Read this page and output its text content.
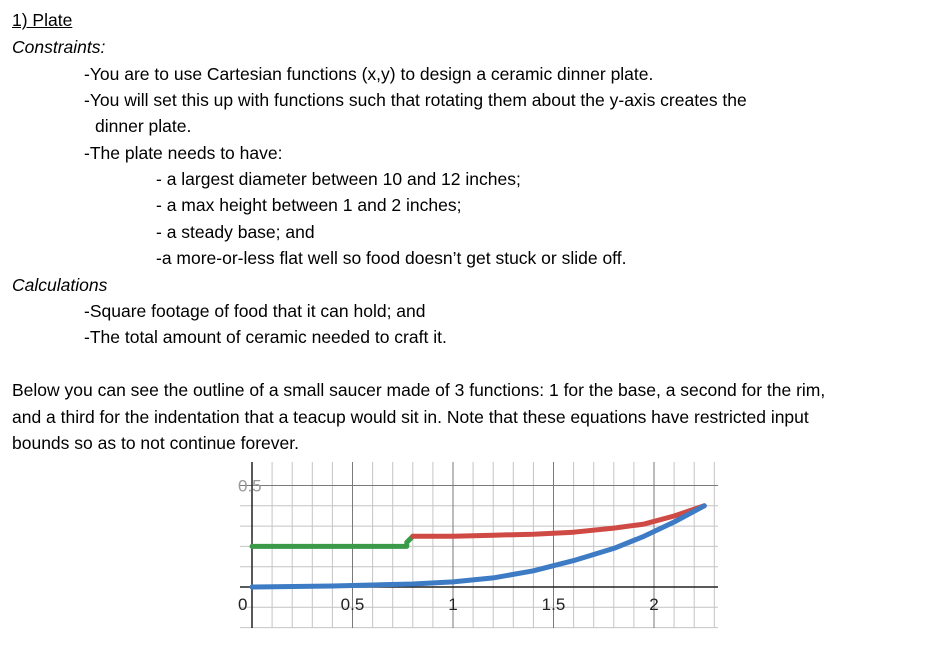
1) Plate
Constraints:
-You are to use Cartesian functions (x,y) to design a ceramic dinner plate.
-You will set this up with functions such that rotating them about the y-axis creates the
dinner plate.
-The plate needs to have:
- a largest diameter between 10 and 12 inches;
- a max height between 1 and 2 inches;
- a steady base; and
-a more-or-less flat well so food doesn’t get stuck or slide off.
Calculations
-Square footage of food that it can hold; and
-The total amount of ceramic needed to craft it.
Below you can see the outline of a small saucer made of 3 functions: 1 for the base, a second for the rim,
and a third for the indentation that a teacup would sit in. Note that these equations have restricted input
bounds so as to not continue forever.
0	0.5	1	1.5	2
0.5
